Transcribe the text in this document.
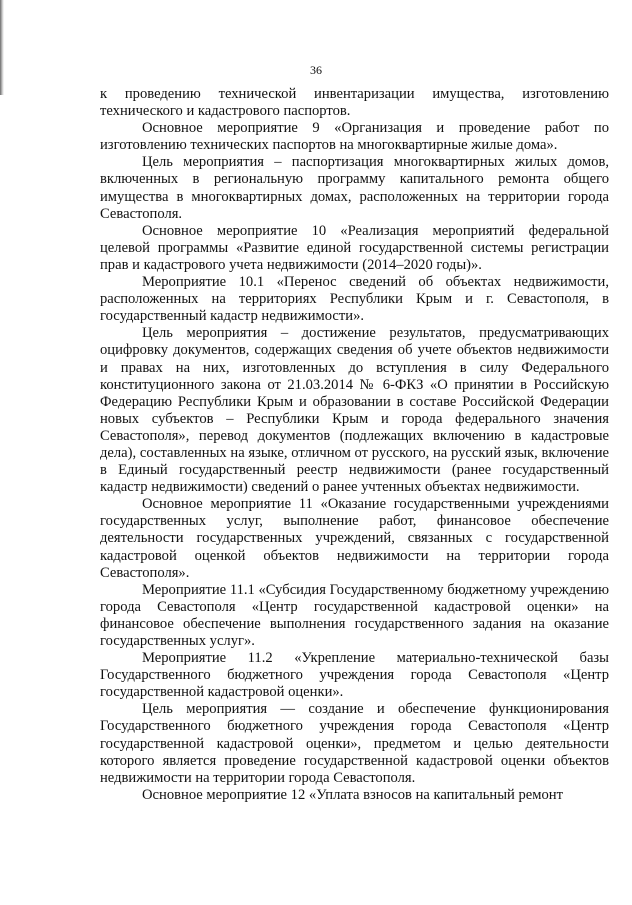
36

к проведению технической инвентаризации имущества, изготовлению технического и кадастрового паспортов.

Основное мероприятие 9 «Организация и проведение работ по изготовлению технических паспортов на многоквартирные жилые дома».

Цель мероприятия – паспортизация многоквартирных жилых домов, включенных в региональную программу капитального ремонта общего имущества в многоквартирных домах, расположенных на территории города Севастополя.

Основное мероприятие 10 «Реализация мероприятий федеральной целевой программы «Развитие единой государственной системы регистрации прав и кадастрового учета недвижимости (2014–2020 годы)».

Мероприятие 10.1 «Перенос сведений об объектах недвижимости, расположенных на территориях Республики Крым и г. Севастополя, в государственный кадастр недвижимости».

Цель мероприятия – достижение результатов, предусматривающих оцифровку документов, содержащих сведения об учете объектов недвижимости и правах на них, изготовленных до вступления в силу Федерального конституционного закона от 21.03.2014 № 6-ФКЗ «О принятии в Российскую Федерацию Республики Крым и образовании в составе Российской Федерации новых субъектов – Республики Крым и города федерального значения Севастополя», перевод документов (подлежащих включению в кадастровые дела), составленных на языке, отличном от русского, на русский язык, включение в Единый государственный реестр недвижимости (ранее государственный кадастр недвижимости) сведений о ранее учтенных объектах недвижимости.

Основное мероприятие 11 «Оказание государственными учреждениями государственных услуг, выполнение работ, финансовое обеспечение деятельности государственных учреждений, связанных с государственной кадастровой оценкой объектов недвижимости на территории города Севастополя».

Мероприятие 11.1 «Субсидия Государственному бюджетному учреждению города Севастополя «Центр государственной кадастровой оценки» на финансовое обеспечение выполнения государственного задания на оказание государственных услуг».

Мероприятие 11.2 «Укрепление материально-технической базы Государственного бюджетного учреждения города Севастополя «Центр государственной кадастровой оценки».

Цель мероприятия — создание и обеспечение функционирования Государственного бюджетного учреждения города Севастополя «Центр государственной кадастровой оценки», предметом и целью деятельности которого является проведение государственной кадастровой оценки объектов недвижимости на территории города Севастополя.

Основное мероприятие 12 «Уплата взносов на капитальный ремонт
